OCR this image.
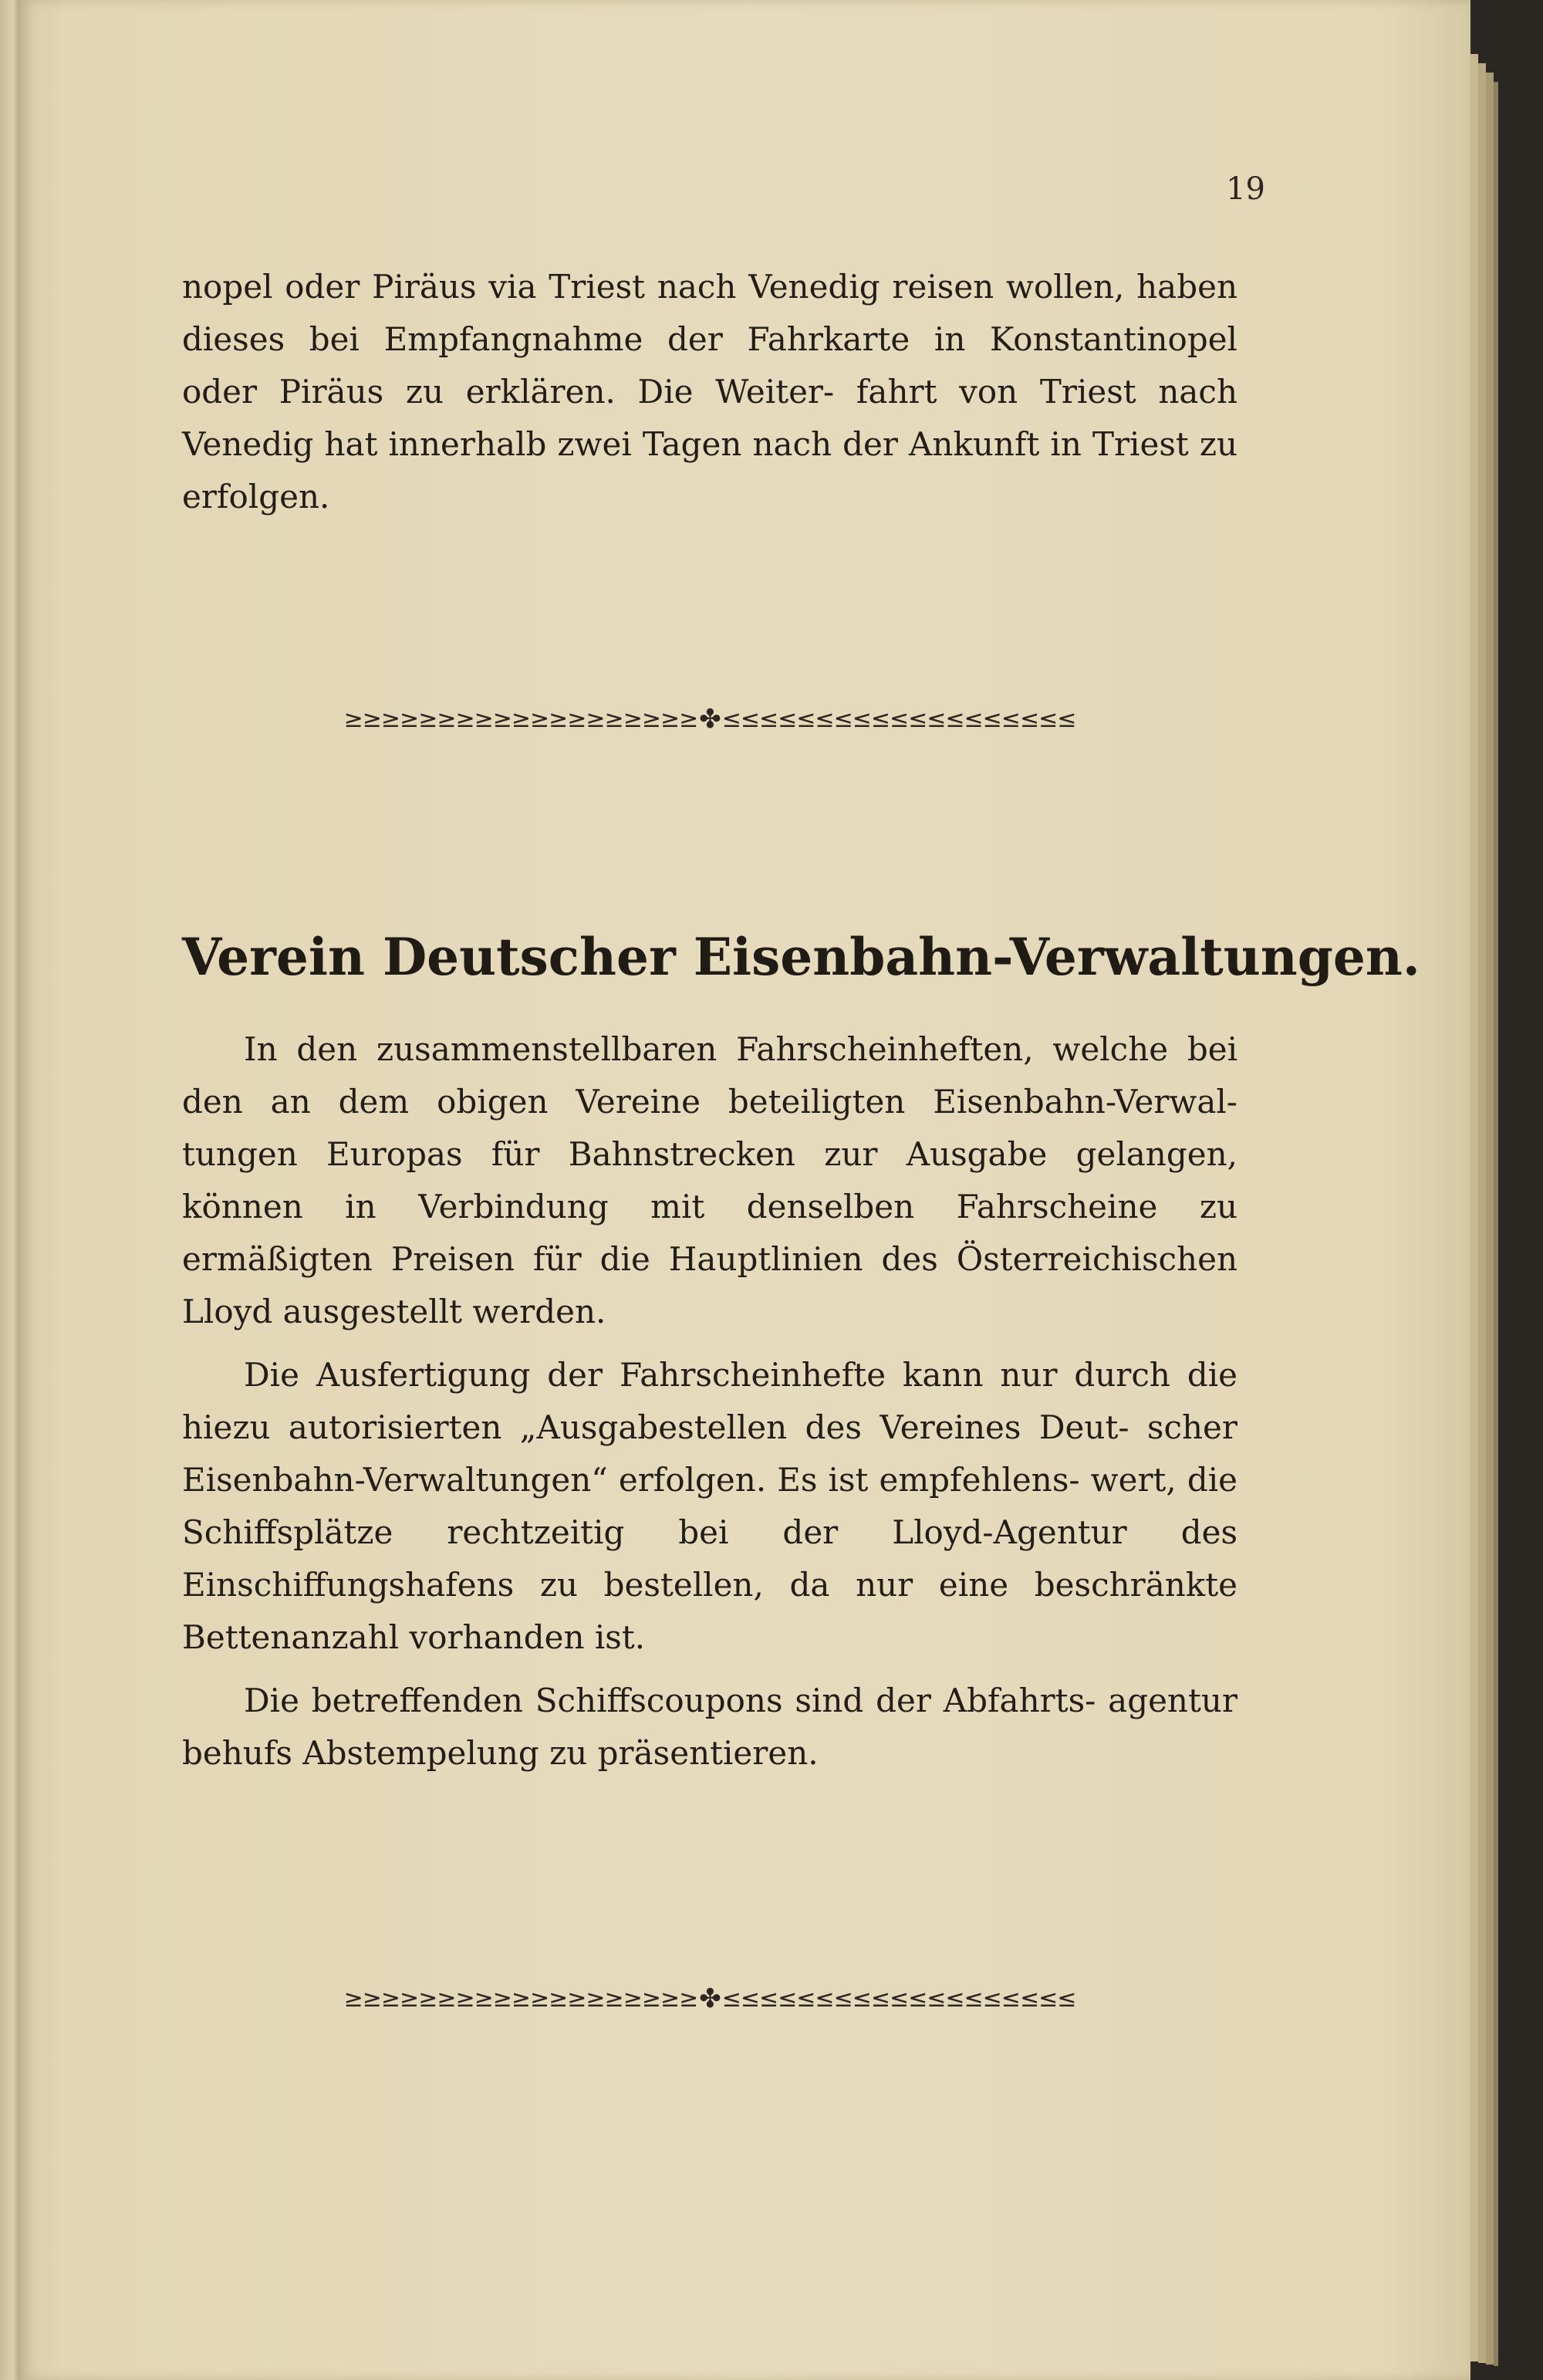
19

nopel oder Piräus via Triest nach Venedig reisen wollen, haben dieses bei Empfangnahme der Fahrkarte in Konstantinopel oder Piräus zu erklären. Die Weiter- fahrt von Triest nach Venedig hat innerhalb zwei Tagen nach der Ankunft in Triest zu erfolgen.

≥≥≥≥≥≥≥≥≥≥≥≥≥≥≥≥≥≥≥ ✤ ≤≤≤≤≤≤≤≤≤≤≤≤≤≤≤≤≤≤≤
Verein Deutscher Eisenbahn-Verwaltungen.

In den zusammenstellbaren Fahrscheinheften, welche bei den an dem obigen Vereine beteiligten Eisenbahn-Verwal- tungen Europas für Bahnstrecken zur Ausgabe gelangen, können in Verbindung mit denselben Fahrscheine zu ermäßigten Preisen für die Hauptlinien des Österreichischen Lloyd ausgestellt werden.

Die Ausfertigung der Fahrscheinhefte kann nur durch die hiezu autorisierten „Ausgabestellen des Vereines Deut- scher Eisenbahn-Verwaltungen“ erfolgen. Es ist empfehlens- wert, die Schiffsplätze rechtzeitig bei der Lloyd-Agentur des Einschiffungshafens zu bestellen, da nur eine beschränkte Bettenanzahl vorhanden ist.

Die betreffenden Schiffscoupons sind der Abfahrts- agentur behufs Abstempelung zu präsentieren.

≥≥≥≥≥≥≥≥≥≥≥≥≥≥≥≥≥≥≥ ✤ ≤≤≤≤≤≤≤≤≤≤≤≤≤≤≤≤≤≤≤
